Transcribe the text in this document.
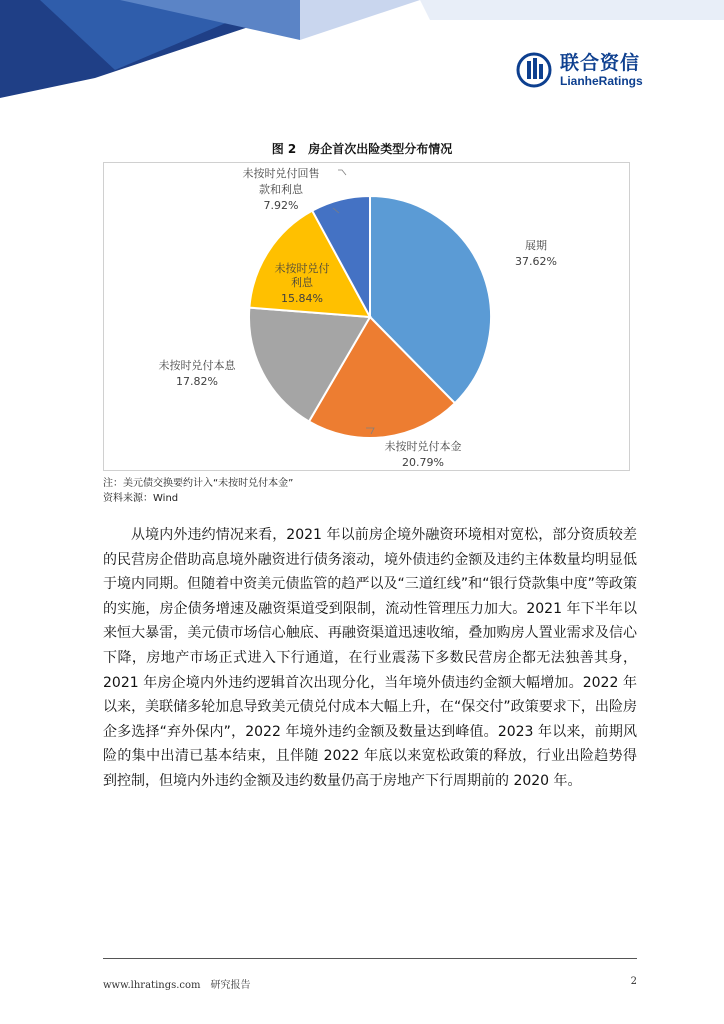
联合资信
LianheRatings
图 2　房企首次出险类型分布情况
展期
37.62%
未按时兑付本金
20.79%
未按时兑付本息
17.82%
未按时兑付
利息
15.84%
未按时兑付回售
款和利息
7.92%
注：美元债交换要约计入“未按时兑付本金”
资料来源：Wind

从境内外违约情况来看，2021 年以前房企境外融资环境相对宽松，部分资质较差的民营房企借助高息境外融资进行债务滚动，境外债违约金额及违约主体数量均明显低于境内同期。但随着中资美元债监管的趋严以及“三道红线”和“银行贷款集中度”等政策的实施，房企债务增速及融资渠道受到限制，流动性管理压力加大。2021 年下半年以来恒大暴雷，美元债市场信心触底、再融资渠道迅速收缩，叠加购房人置业需求及信心下降，房地产市场正式进入下行通道，在行业震荡下多数民营房企都无法独善其身，2021 年房企境内外违约逻辑首次出现分化，当年境外债违约金额大幅增加。2022 年以来，美联储多轮加息导致美元债兑付成本大幅上升，在“保交付”政策要求下，出险房企多选择“弃外保内”，2022 年境外违约金额及数量达到峰值。2023 年以来，前期风险的集中出清已基本结束，且伴随 2022 年底以来宽松政策的释放，行业出险趋势得到控制，但境内外违约金额及违约数量仍高于房地产下行周期前的 2020 年。

www.lhratings.com　研究报告	2
